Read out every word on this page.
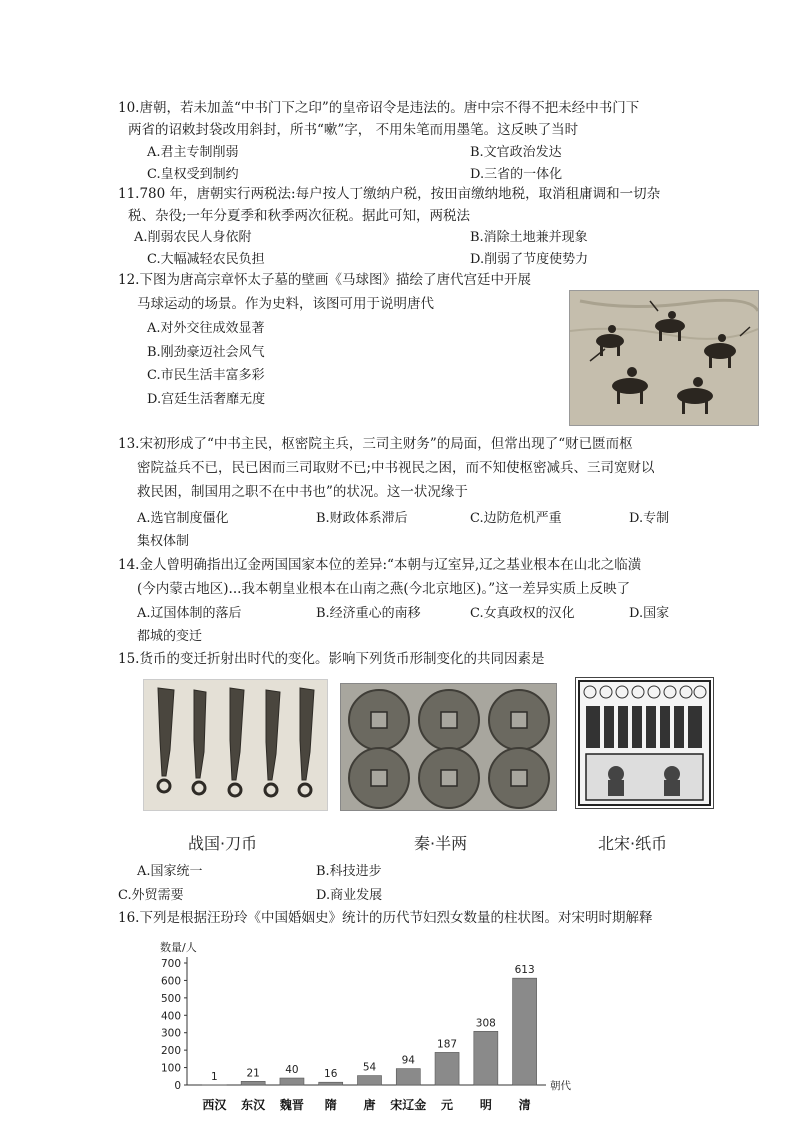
10.唐朝，若未加盖“中书门下之印”的皇帝诏令是违法的。唐中宗不得不把未经中书门下
两省的诏敕封袋改用斜封，所书“嗽”字， 不用朱笔而用墨笔。这反映了当时
A.君主专制削弱	B.文官政治发达
C.皇权受到制约	D.三省的一体化
11.780 年，唐朝实行两税法:每户按人丁缴纳户税，按田亩缴纳地税，取消租庸调和一切杂
税、杂役;一年分夏季和秋季两次征税。据此可知，两税法
A.削弱农民人身依附	B.消除土地兼并现象
C.大幅减轻农民负担	D.削弱了节度使势力
12.下图为唐高宗章怀太子墓的壁画《马球图》描绘了唐代宫廷中开展
马球运动的场景。作为史料，该图可用于说明唐代
A.对外交往成效显著
B.刚劲豪迈社会风气
C.市民生活丰富多彩
D.宫廷生活奢靡无度
13.宋初形成了“中书主民，枢密院主兵，三司主财务”的局面，但常出现了“财已匮而枢
密院益兵不已，民已困而三司取财不已;中书视民之困，而不知使枢密减兵、三司宽财以
救民困，制国用之职不在中书也”的状况。这一状况缘于
A.选官制度僵化	B.财政体系滞后	C.边防危机严重	D.专制
集权体制
14.金人曾明确指出辽金两国国家本位的差异:“本朝与辽室异,辽之基业根本在山北之临潢
(今内蒙古地区)...我本朝皇业根本在山南之燕(今北京地区)。”这一差异实质上反映了
A.辽国体制的落后	B.经济重心的南移	C.女真政权的汉化	D.国家
都城的变迁
15.货币的变迁折射出时代的变化。影响下列货币形制变化的共同因素是
战国·刀币	秦·半两	北宋·纸币
A.国家统一	B.科技进步
C.外贸需要	D.商业发展
16.下列是根据汪玢玲《中国婚姻史》统计的历代节妇烈女数量的柱状图。对宋明时期解释
数量/人
0
100
200
300
400
500
600
700
1
西汉
21
东汉
40
魏晋
16
隋
54
唐
94
宋辽金
187
元
308
明
613
清
朝代
